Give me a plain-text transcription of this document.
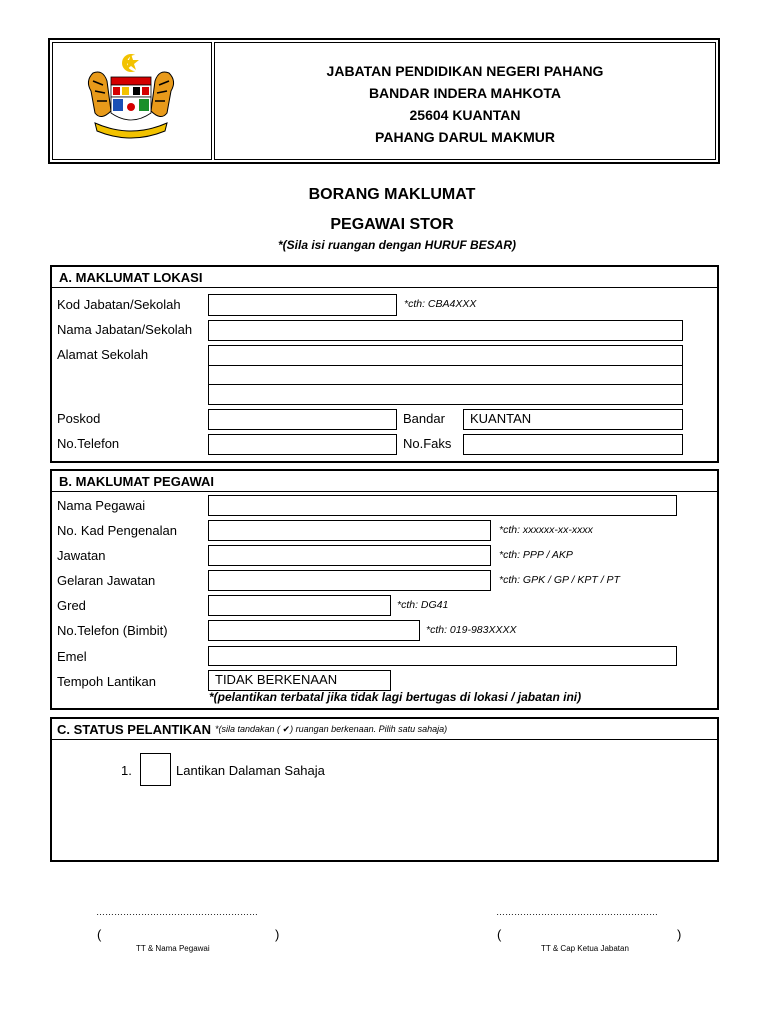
JABATAN PENDIDIKAN NEGERI PAHANG
BANDAR INDERA MAHKOTA
25604 KUANTAN
PAHANG DARUL MAKMUR
BORANG MAKLUMAT
PEGAWAI STOR
*(Sila isi ruangan dengan HURUF BESAR)
A. MAKLUMAT LOKASI
Kod Jabatan/Sekolah	*cth: CBA4XXX
Nama Jabatan/Sekolah
Alamat Sekolah
Poskod	Bandar	KUANTAN
No.Telefon	No.Faks
B. MAKLUMAT PEGAWAI
Nama Pegawai
No. Kad Pengenalan	*cth: xxxxxx-xx-xxxx
Jawatan	*cth: PPP / AKP
Gelaran Jawatan	*cth: GPK / GP / KPT / PT
Gred	*cth: DG41
No.Telefon (Bimbit)	*cth: 019-983XXXX
Emel
Tempoh Lantikan	TIDAK BERKENAAN
*(pelantikan terbatal jika tidak lagi bertugas di lokasi / jabatan ini)
C. STATUS PELANTIKAN *(sila tandakan ( ✔) ruangan berkenaan. Pilih satu sahaja)
1.	Lantikan Dalaman Sahaja
………………………………………………
(	)
TT & Nama Pegawai
………………………………………………
(	)
TT & Cap Ketua Jabatan
